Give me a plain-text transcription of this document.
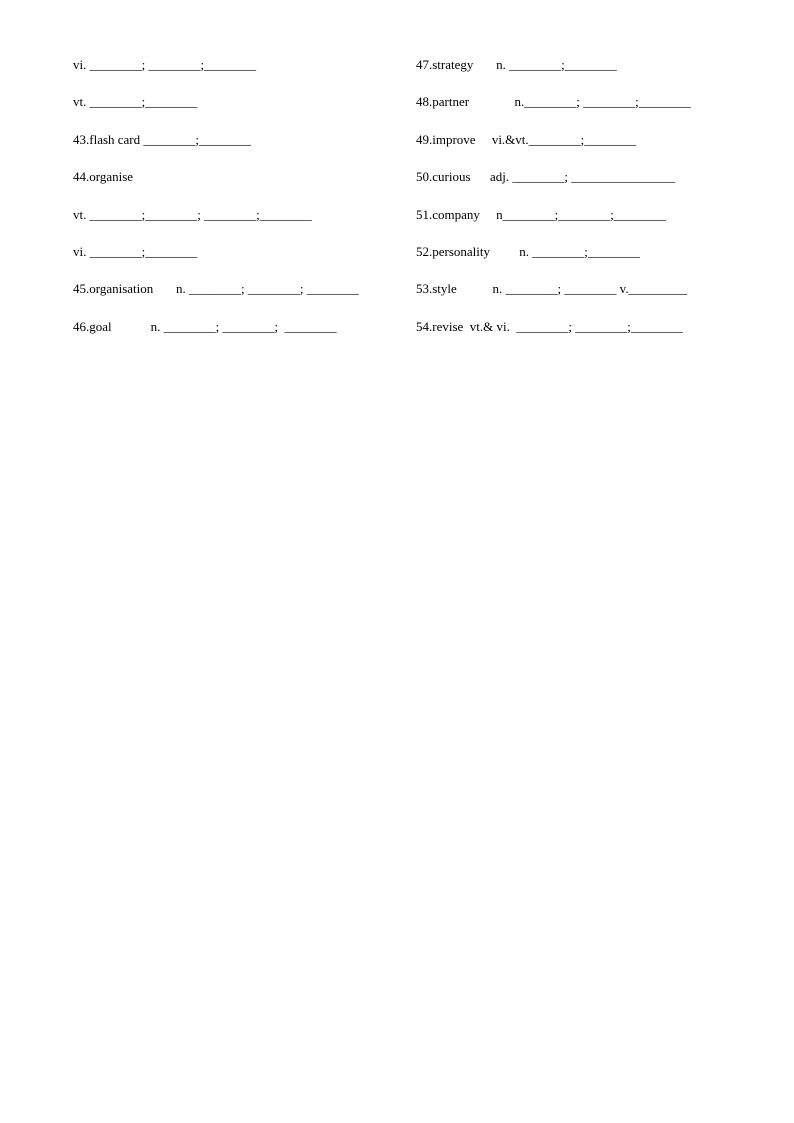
vi. ________; ________;________
vt. ________;________
43.flash card ________;________
44.organise
vt. ________;________; ________;________
vi. ________;________
45.organisation       n. ________; ________; ________
46.goal            n. ________; ________;  ________
47.strategy       n. ________;________
48.partner              n.________; ________;________
49.improve     vi.&vt.________;________
50.curious      adj. ________; ________________
51.company     n________;________;________
52.personality         n. ________;________
53.style           n. ________; ________ v._________
54.revise  vt.& vi.  ________; ________;________
